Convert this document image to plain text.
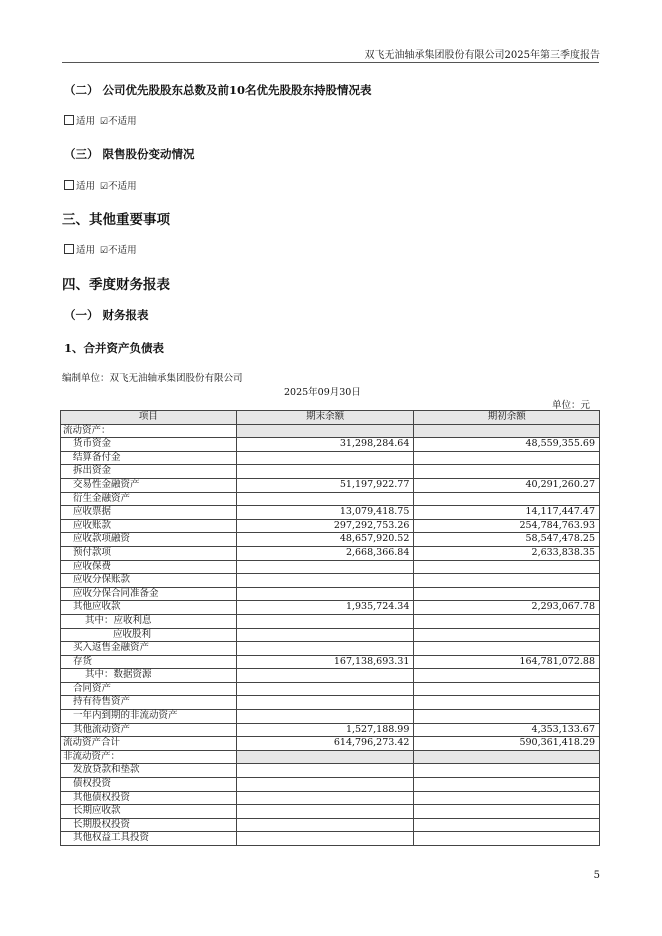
双飞无油轴承集团股份有限公司2025年第三季度报告
（二） 公司优先股股东总数及前10名优先股股东持股情况表
适用 ☑不适用
（三） 限售股份变动情况
适用 ☑不适用
三、其他重要事项
适用 ☑不适用
四、季度财务报表
（一） 财务报表
1、合并资产负债表
编制单位：双飞无油轴承集团股份有限公司
2025年09月30日
单位：元
项目	期末余额	期初余额
流动资产：		
货币资金	31,298,284.64	48,559,355.69
结算备付金		
拆出资金		
交易性金融资产	51,197,922.77	40,291,260.27
衍生金融资产		
应收票据	13,079,418.75	14,117,447.47
应收账款	297,292,753.26	254,784,763.93
应收款项融资	48,657,920.52	58,547,478.25
预付款项	2,668,366.84	2,633,838.35
应收保费		
应收分保账款		
应收分保合同准备金		
其他应收款	1,935,724.34	2,293,067.78
其中：应收利息		
应收股利		
买入返售金融资产		
存货	167,138,693.31	164,781,072.88
其中：数据资源		
合同资产		
持有待售资产		
一年内到期的非流动资产		
其他流动资产	1,527,188.99	4,353,133.67
流动资产合计	614,796,273.42	590,361,418.29
非流动资产：		
发放贷款和垫款		
债权投资		
其他债权投资		
长期应收款		
长期股权投资		
其他权益工具投资		
5
